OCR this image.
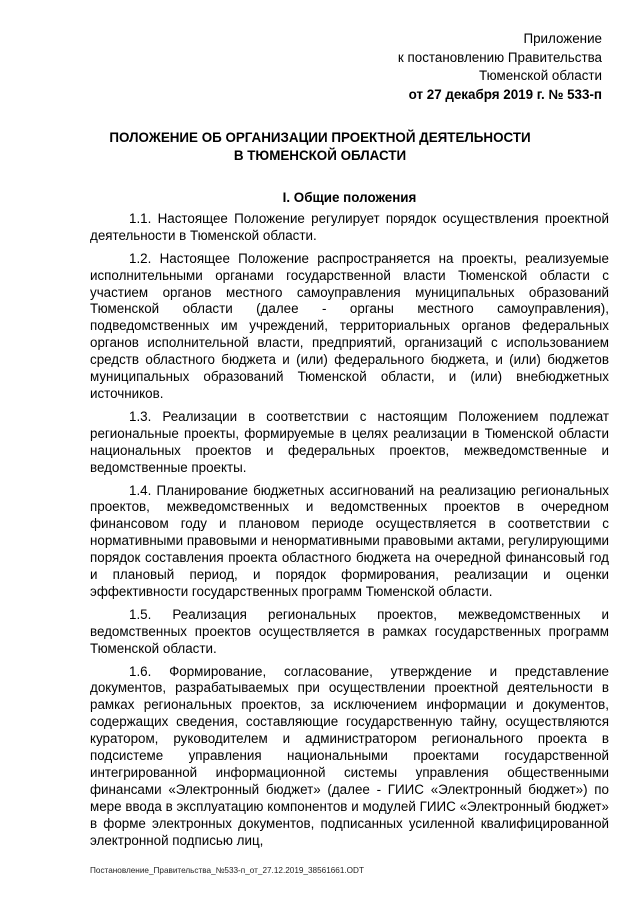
Приложение
к постановлению Правительства
Тюменской области
от 27 декабря 2019 г. № 533-п
ПОЛОЖЕНИЕ ОБ ОРГАНИЗАЦИИ ПРОЕКТНОЙ ДЕЯТЕЛЬНОСТИ
В ТЮМЕНСКОЙ ОБЛАСТИ
I. Общие положения

1.1. Настоящее Положение регулирует порядок осуществления проектной деятельности в Тюменской области.

1.2. Настоящее Положение распространяется на проекты, реализуемые исполнительными органами государственной власти Тюменской области с участием органов местного самоуправления муниципальных образований Тюменской области (далее - органы местного самоуправления), подведомственных им учреждений, территориальных органов федеральных органов исполнительной власти, предприятий, организаций с использованием средств областного бюджета и (или) федерального бюджета, и (или) бюджетов муниципальных образований Тюменской области, и (или) внебюджетных источников.

1.3. Реализации в соответствии с настоящим Положением подлежат региональные проекты, формируемые в целях реализации в Тюменской области национальных проектов и федеральных проектов, межведомственные и ведомственные проекты.

1.4. Планирование бюджетных ассигнований на реализацию региональных проектов, межведомственных и ведомственных проектов в очередном финансовом году и плановом периоде осуществляется в соответствии с нормативными правовыми и ненормативными правовыми актами, регулирующими порядок составления проекта областного бюджета на очередной финансовый год и плановый период, и порядок формирования, реализации и оценки эффективности государственных программ Тюменской области.

1.5. Реализация региональных проектов, межведомственных и ведомственных проектов осуществляется в рамках государственных программ Тюменской области.

1.6. Формирование, согласование, утверждение и представление документов, разрабатываемых при осуществлении проектной деятельности в рамках региональных проектов, за исключением информации и документов, содержащих сведения, составляющие государственную тайну, осуществляются куратором, руководителем и администратором регионального проекта в подсистеме управления национальными проектами государственной интегрированной информационной системы управления общественными финансами «Электронный бюджет» (далее - ГИИС «Электронный бюджет») по мере ввода в эксплуатацию компонентов и модулей ГИИС «Электронный бюджет» в форме электронных документов, подписанных усиленной квалифицированной электронной подписью лиц,

Постановление_Правительства_№533-п_от_27.12.2019_38561661.ODT
